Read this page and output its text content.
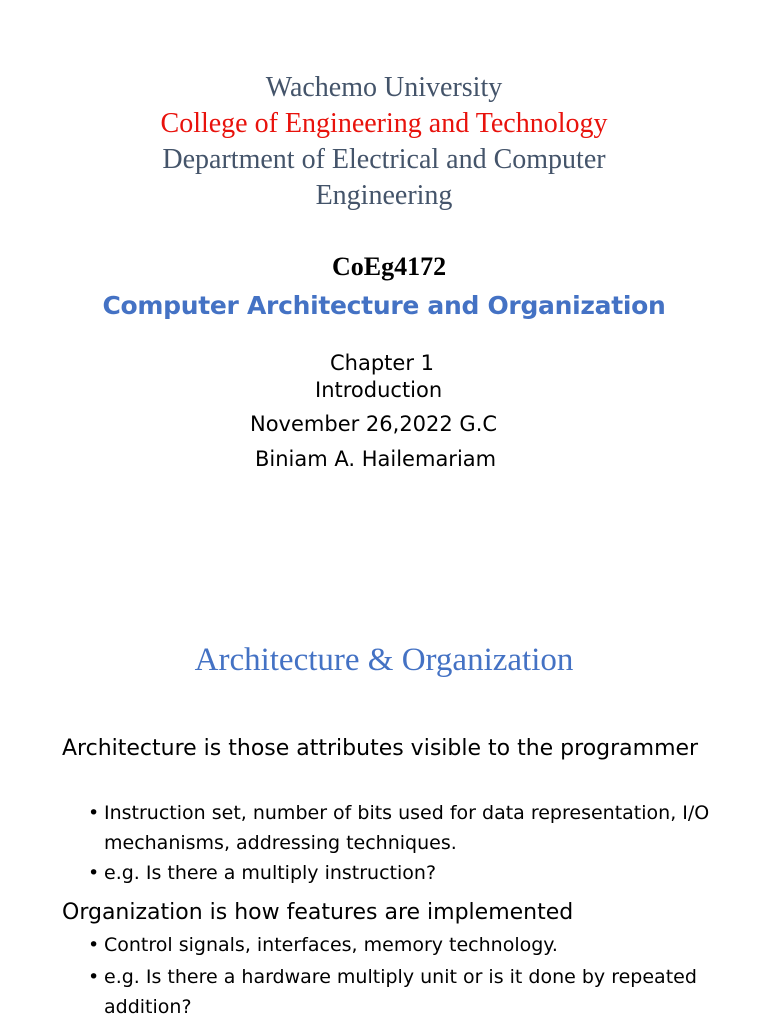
Wachemo University
College of Engineering and Technology
Department of Electrical and Computer
Engineering
CoEg4172
Computer Architecture and Organization
Chapter 1
Introduction
November 26,2022 G.C
Biniam A. Hailemariam
Architecture & Organization
Architecture is those attributes visible to the programmer
• Instruction set, number of bits used for data representation, I/O mechanisms, addressing techniques.
• e.g. Is there a multiply instruction?
Organization is how features are implemented
• Control signals, interfaces, memory technology.
• e.g. Is there a hardware multiply unit or is it done by repeated addition?
